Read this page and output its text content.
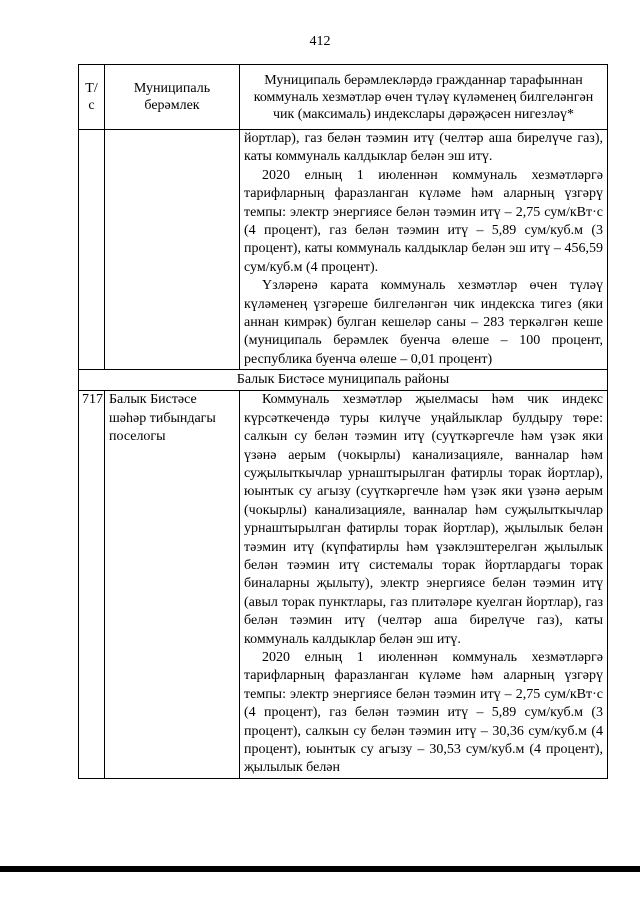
412
Т/с	Муниципаль берәмлек	Муниципаль берәмлекләрдә гражданнар тарафыннан коммуналь хезмәтләр өчен түләү күләменең билгеләнгән чик (максималь) индекслары дәрәҗәсен нигезләү*

		йортлар), газ белән тәэмин итү (челтәр аша бирелүче газ), каты коммуналь калдыклар белән эш итү.

2020 елның 1 июленнән коммуналь хезмәтләргә тарифларның фаразланган күләме һәм аларның үзгәрү темпы: электр энергиясе белән тәэмин итү – 2,75 сум/кВт·с (4 процент), газ белән тәэмин итү – 5,89 сум/куб.м (3 процент), каты коммуналь калдыклар белән эш итү – 456,59 сум/куб.м (4 процент).

Үзләренә карата коммуналь хезмәтләр өчен түләү күләменең үзгәреше билгеләнгән чик индекска тигез (яки аннан кимрәк) булган кешеләр саны – 283 теркәлгән кеше (муниципаль берәмлек буенча өлеше – 100 процент, республика буенча өлеше – 0,01 процент)

Балык Бистәсе муниципаль районы		
717	Балык Бистәсе шәһәр тибындагы поселогы	Коммуналь хезмәтләр җыелмасы һәм чик индекс күрсәткечендә туры килүче уңайлыклар булдыру төре: салкын су белән тәэмин итү (суүткәргечле һәм үзәк яки үзәнә аерым (чокырлы) канализацияле, ванналар һәм суҗылыткычлар урнаштырылган фатирлы торак йортлар), юынтык су агызу (суүткәргечле һәм үзәк яки үзәнә аерым (чокырлы) канализацияле, ванналар һәм суҗылыткычлар урнаштырылган фатирлы торак йортлар), җылылык белән тәэмин итү (күпфатирлы һәм үзәклэштерелгән җылылык белән тәэмин итү системалы торак йортлардагы торак биналарны җылыту), электр энергиясе белән тәэмин итү (авыл торак пунктлары, газ плитәләре куелган йортлар), газ белән тәэмин итү (челтәр аша бирелүче газ), каты коммуналь калдыклар белән эш итү.

2020 елның 1 июленнән коммуналь хезмәтләргә тарифларның фаразланган күләме һәм аларның үзгәрү темпы: электр энергиясе белән тәэмин итү – 2,75 сум/кВт·с (4 процент), газ белән тәэмин итү – 5,89 сум/куб.м (3 процент), салкын су белән тәэмин итү – 30,36 сум/куб.м (4 процент), юынтык су агызу – 30,53 сум/куб.м (4 процент), җылылык белән
